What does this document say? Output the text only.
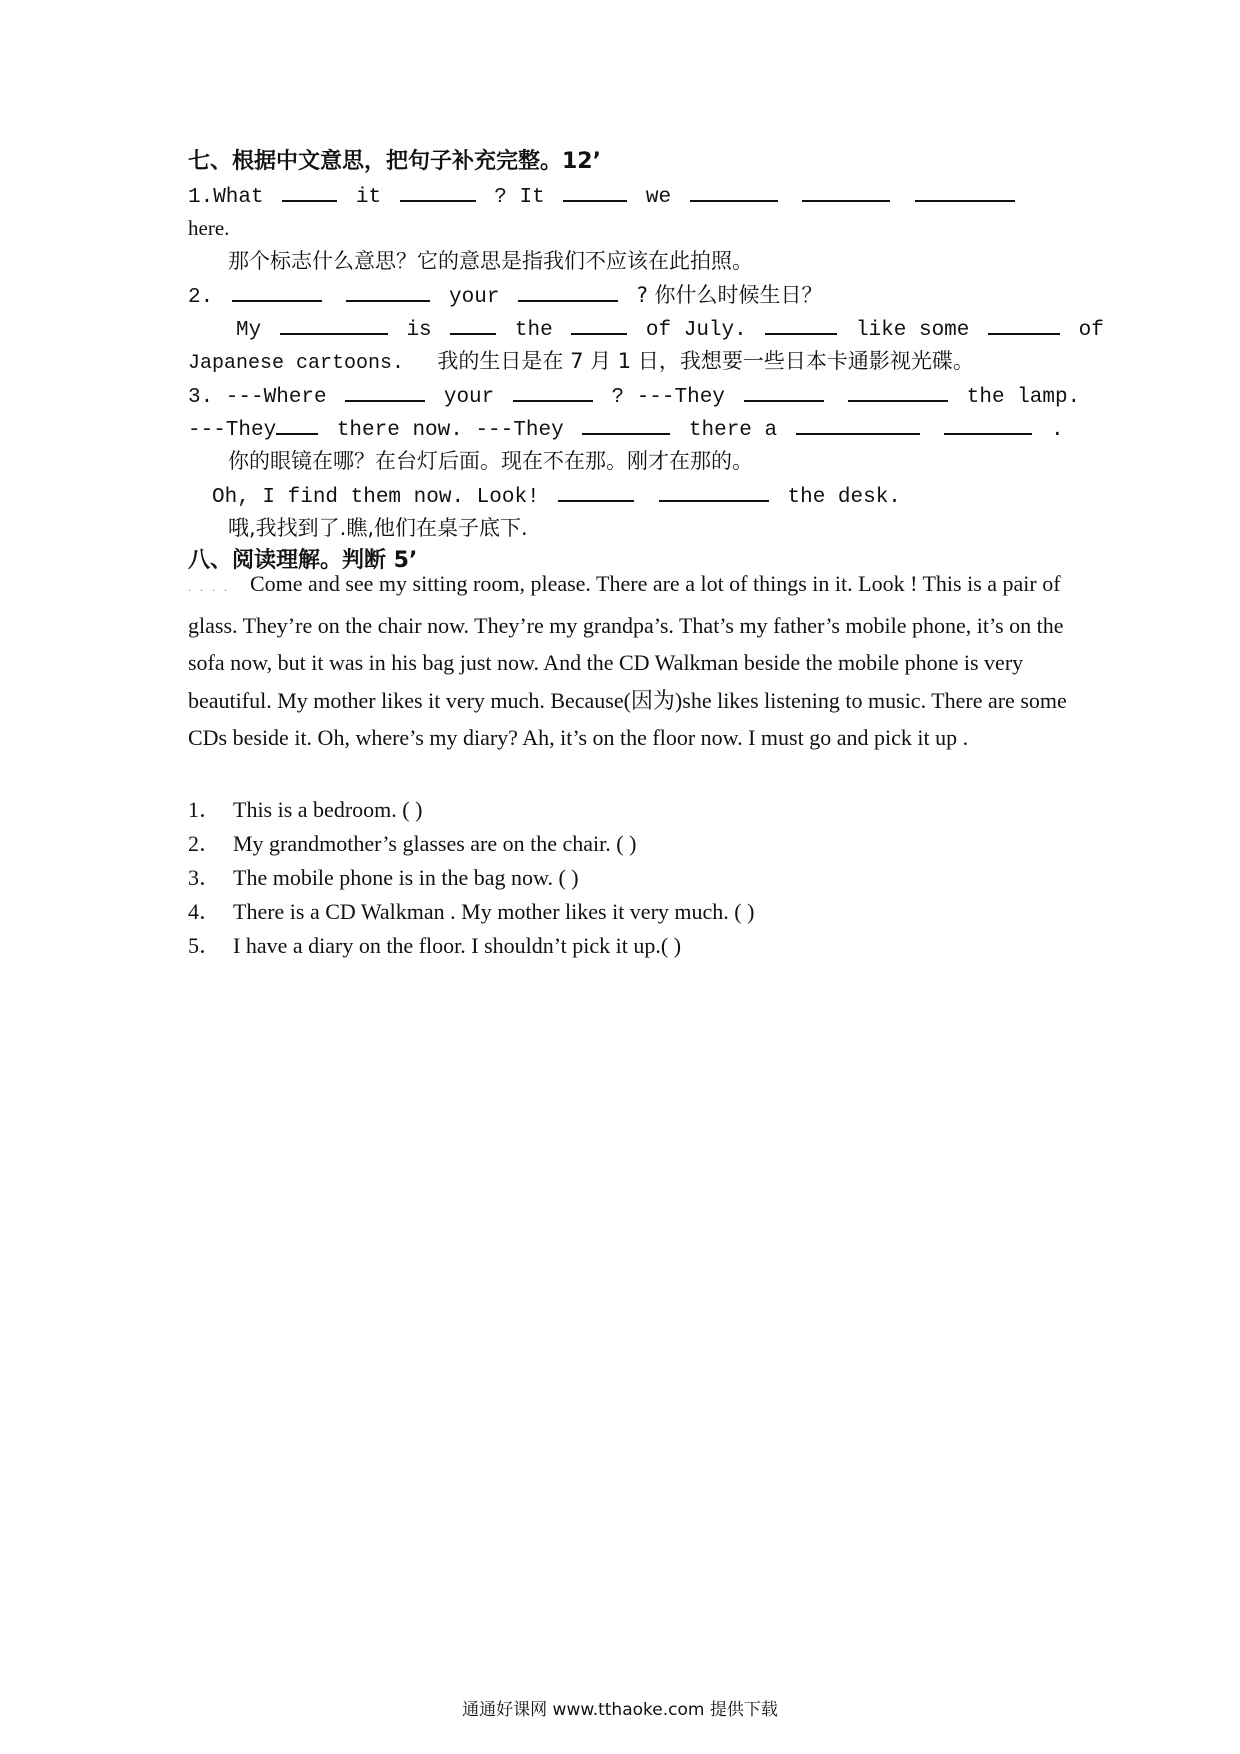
七、根据中文意思，把句子补充完整。12’
1.What	it	? It	we
here.
那个标志什么意思？它的意思是指我们不应该在此拍照。
2.	your	? 你什么时候生日？
My	is	the	of July.	like some	of
Japanese cartoons. 我的生日是在 7 月 1 日，我想要一些日本卡通影视光碟。
3. ---Where	your	? ---They	the lamp.
---They	there now. ---They	there a	.
你的眼镜在哪？在台灯后面。现在不在那。刚才在那的。
Oh, I find them now. Look!	the desk.
哦,我找到了.瞧,他们在桌子底下.
八、阅读理解。判断 5’
. . . . Come and see my sitting room, please. There are a lot of things in it. Look ! This is a pair of glass. They’re on the chair now. They’re my grandpa’s. That’s my father’s mobile phone, it’s on the sofa now, but it was in his bag just now. And the CD Walkman beside the mobile phone is very beautiful. My mother likes it very much. Because(因为)she likes listening to music. There are some CDs beside it. Oh, where’s my diary? Ah, it’s on the floor now. I must go and pick it up .
1． This is a bedroom. ( )
2． My grandmother’s glasses are on the chair. ( )
3． The mobile phone is in the bag now. ( )
4． There is a CD Walkman . My mother likes it very much. ( )
5． I have a diary on the floor. I shouldn’t pick it up.( )
通通好课网 www.tthaoke.com 提供下载
